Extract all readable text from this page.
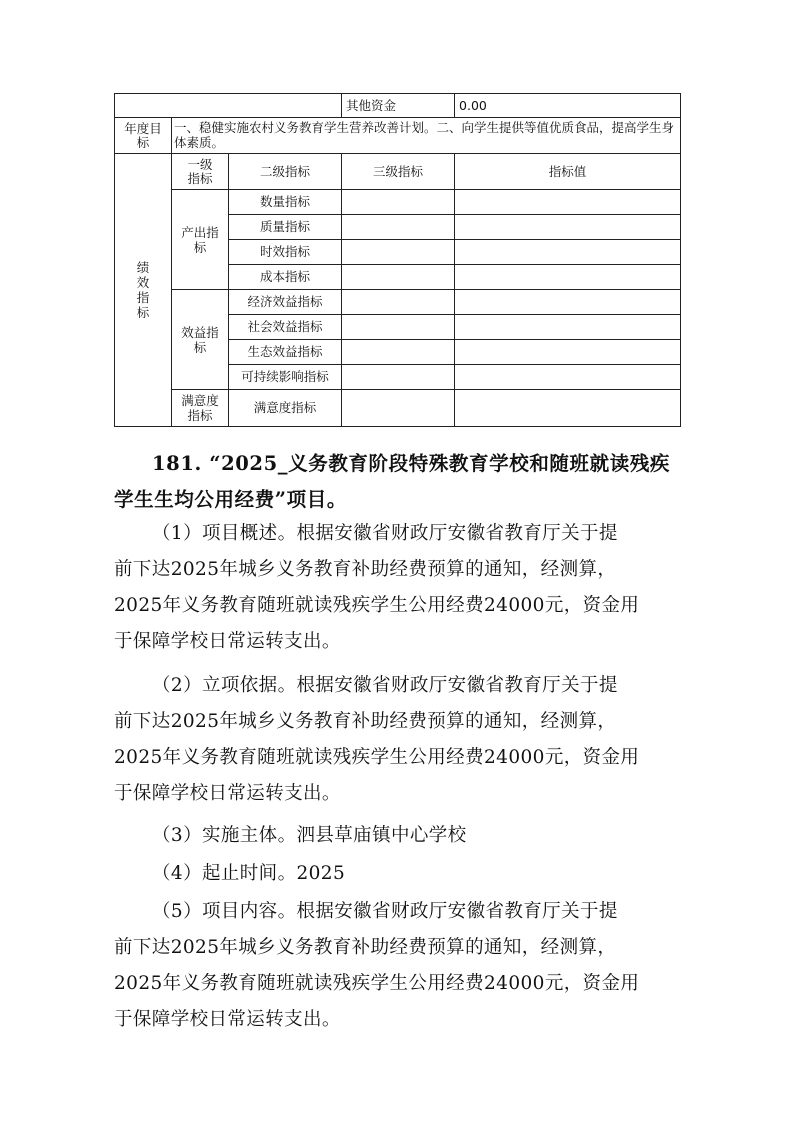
			其他资金	0.00

年度目标	一、稳健实施农村义务教育学生营养改善计划。二、向学生提供等值优质食品，提高学生身体素质。			
绩效指标	一级指标	二级指标	三级指标	指标值

	产出指标	数量指标		
		质量指标		
		时效指标		
		成本指标		

	效益指标	经济效益指标		
		社会效益指标		
		生态效益指标		
		可持续影响指标		

	满意度指标	满意度指标		
181. “2025_义务教育阶段特殊教育学校和随班就读残疾
学生生均公用经费”项目。
（1）项目概述。根据安徽省财政厅安徽省教育厅关于提
前下达2025年城乡义务教育补助经费预算的通知，经测算，
2025年义务教育随班就读残疾学生公用经费24000元，资金用
于保障学校日常运转支出。
（2）立项依据。根据安徽省财政厅安徽省教育厅关于提
前下达2025年城乡义务教育补助经费预算的通知，经测算，
2025年义务教育随班就读残疾学生公用经费24000元，资金用
于保障学校日常运转支出。
（3）实施主体。泗县草庙镇中心学校
（4）起止时间。2025
（5）项目内容。根据安徽省财政厅安徽省教育厅关于提
前下达2025年城乡义务教育补助经费预算的通知，经测算，
2025年义务教育随班就读残疾学生公用经费24000元，资金用
于保障学校日常运转支出。
